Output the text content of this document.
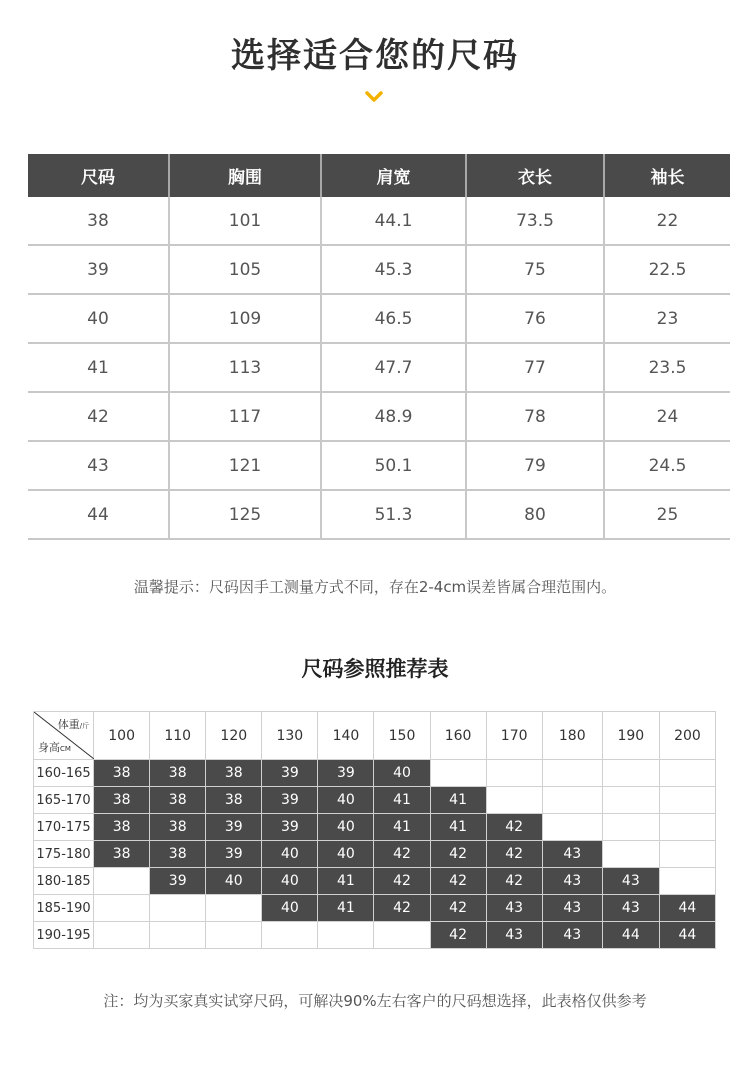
选择适合您的尺码
尺码	胸围	肩宽	衣长	袖长
38	101	44.1	73.5	22
39	105	45.3	75	22.5
40	109	46.5	76	23
41	113	47.7	77	23.5
42	117	48.9	78	24
43	121	50.1	79	24.5
44	125	51.3	80	25
温馨提示：尺码因手工测量方式不同，存在2-4cm误差皆属合理范围内。
尺码参照推荐表
体重/斤
身高CM	100	110	120	130	140	150	160	170	180	190	200
160-165	38	38	38	39	39	40					
165-170	38	38	38	39	40	41	41				
170-175	38	38	39	39	40	41	41	42			
175-180	38	38	39	40	40	42	42	42	43		
180-185		39	40	40	41	42	42	42	43	43	
185-190				40	41	42	42	43	43	43	44
190-195							42	43	43	44	44
注：均为买家真实试穿尺码，可解决90%左右客户的尺码想选择，此表格仅供参考
